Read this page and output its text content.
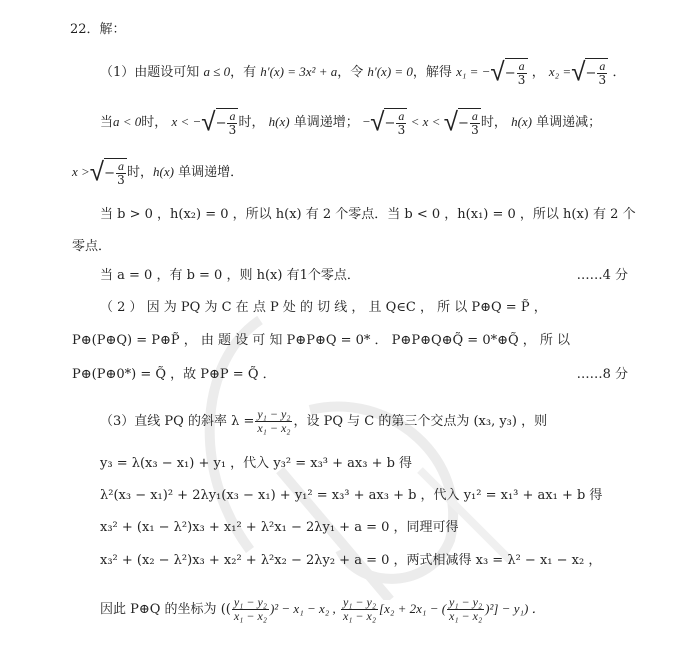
22．解：
（1）由题设可知 a ≤ 0，有 h′(x) = 3x² + a，令 h′(x) = 0，解得 x₁ = −√− $\frac{a}{3}$ ， x₂ =√− $\frac{a}{3}$ ．
当a < 0时， x < −√− $\frac{a}{3}$ 时， h(x) 单调递增； −√− $\frac{a}{3} < x$ < √− $\frac{a}{3}$ 时， h(x) 单调递减；
x >√− $\frac{a}{3}$ 时，h(x) 单调递增．
当 b > 0 ，h(x₂) = 0 ，所以 h(x) 有 2 个零点．当 b < 0 ，h(x₁) = 0 ，所以 h(x) 有 2 个
零点．
当 a = 0 ，有 b = 0 ，则 h(x) 有1个零点．	……4 分
（ 2 ） 因 为 PQ 为 C 在 点 P 处 的 切 线 ， 且 Q∈C ， 所 以 P⊕Q = P̃ ，
P⊕(P⊕Q) = P⊕P̃ ， 由 题 设 可 知 P⊕P⊕Q = 0* ． P⊕P⊕Q⊕Q̃ = 0*⊕Q̃ ， 所 以
P⊕(P⊕0*) = Q̃ ，故 P⊕P = Q̃ ．	……8 分
（3）直线 PQ 的斜率 $\lambda = \frac{\text{y₁ − y₂}}{\text{x₁ − x₂}}$ ，设 PQ 与 C 的第三个交点为 (x₃, y₃) ，则
y₃ = λ(x₃ − x₁) + y₁ ，代入 y₃² = x₃³ + ax₃ + b 得
λ²(x₃ − x₁)² + 2λy₁(x₃ − x₁) + y₁² = x₃³ + ax₃ + b ，代入 y₁² = x₁³ + ax₁ + b 得
x₃² + (x₁ − λ²)x₃ + x₁² + λ²x₁ − 2λy₁ + a = 0 ，同理可得
x₃² + (x₂ − λ²)x₃ + x₂² + λ²x₂ − 2λy₂ + a = 0 ，两式相减得 x₃ = λ² − x₁ − x₂ ，
因此 P⊕Q 的坐标为 (( $\frac{\text{y₁ − y₂}}{\text{x₁ − x₂}} )^2 - x_1 - x_2$ , $\frac{\text{y₁ − y₂}}{\text{x₁ − x₂}} [x_2 + 2x_1$ − ( $\frac{\text{y₁ − y₂}}{\text{x₁ − x₂}} )^2] - y_1$) ．
